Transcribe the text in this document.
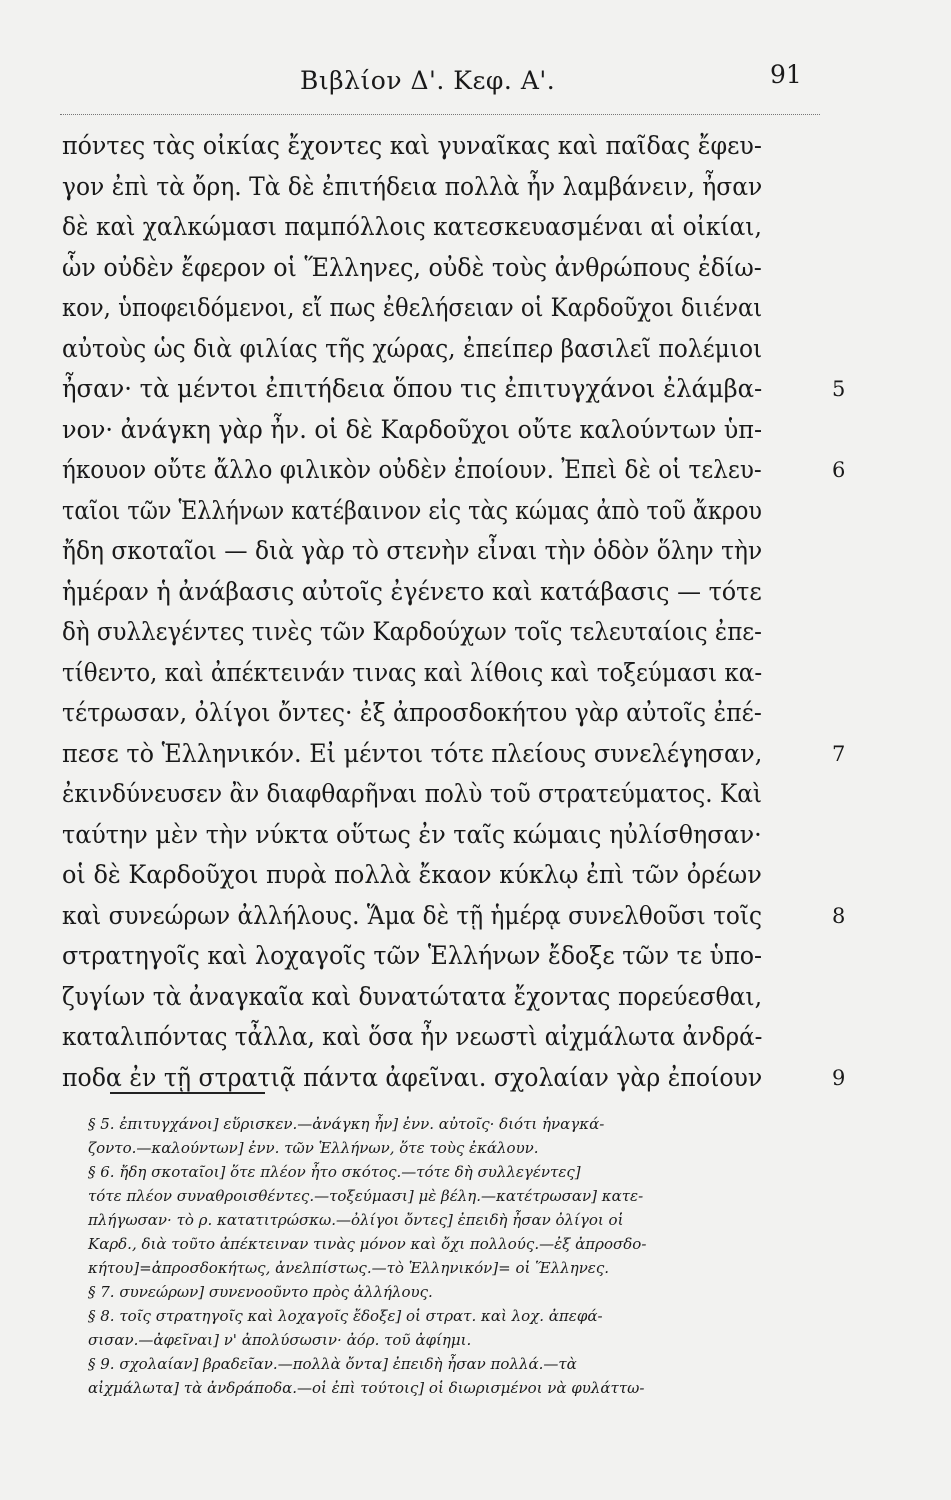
Βιβλίον Δ'. Κεφ. Α'.	91
πόντες τὰς οἰκίας ἔχοντες καὶ γυναῖκας καὶ παῖδας ἔφευ-
γον ἐπὶ τὰ ὄρη. Τὰ δὲ ἐπιτήδεια πολλὰ ἦν λαμβάνειν, ἦσαν
δὲ καὶ χαλκώμασι παμπόλλοις κατεσκευασμέναι αἱ οἰκίαι,
ὧν οὐδὲν ἔφερον οἱ Ἕλληνες, οὐδὲ τοὺς ἀνθρώπους ἐδίω-
κον, ὑποφειδόμενοι, εἴ πως ἐθελήσειαν οἱ Καρδοῦχοι διιέναι
αὐτοὺς ὡς διὰ φιλίας τῆς χώρας, ἐπείπερ βασιλεῖ πολέμιοι
ἦσαν· τὰ μέντοι ἐπιτήδεια ὅπου τις ἐπιτυγχάνοι ἐλάμβα-	5
νον· ἀνάγκη γὰρ ἦν. οἱ δὲ Καρδοῦχοι οὔτε καλούντων ὑπ-
ήκουον οὔτε ἄλλο φιλικὸν οὐδὲν ἐποίουν. Ἐπεὶ δὲ οἱ τελευ-	6
ταῖοι τῶν Ἑλλήνων κατέβαινον εἰς τὰς κώμας ἀπὸ τοῦ ἄκρου
ἤδη σκοταῖοι — διὰ γὰρ τὸ στενὴν εἶναι τὴν ὁδὸν ὅλην τὴν
ἡμέραν ἡ ἀνάβασις αὐτοῖς ἐγένετο καὶ κατάβασις — τότε
δὴ συλλεγέντες τινὲς τῶν Καρδούχων τοῖς τελευταίοις ἐπε-
τίθεντο, καὶ ἀπέκτεινάν τινας καὶ λίθοις καὶ τοξεύμασι κα-
τέτρωσαν, ὀλίγοι ὄντες· ἐξ ἀπροσδοκήτου γὰρ αὐτοῖς ἐπέ-
πεσε τὸ Ἑλληνικόν. Εἰ μέντοι τότε πλείους συνελέγησαν,	7
ἐκινδύνευσεν ἂν διαφθαρῆναι πολὺ τοῦ στρατεύματος. Καὶ
ταύτην μὲν τὴν νύκτα οὕτως ἐν ταῖς κώμαις ηὐλίσθησαν·
οἱ δὲ Καρδοῦχοι πυρὰ πολλὰ ἔκαον κύκλῳ ἐπὶ τῶν ὀρέων
καὶ συνεώρων ἀλλήλους. Ἅμα δὲ τῇ ἡμέρᾳ συνελθοῦσι τοῖς	8
στρατηγοῖς καὶ λοχαγοῖς τῶν Ἑλλήνων ἔδοξε τῶν τε ὑπο-
ζυγίων τὰ ἀναγκαῖα καὶ δυνατώτατα ἔχοντας πορεύεσθαι,
καταλιπόντας τἆλλα, καὶ ὅσα ἦν νεωστὶ αἰχμάλωτα ἀνδρά-
ποδα ἐν τῇ στρατιᾷ πάντα ἀφεῖναι. σχολαίαν γὰρ ἐποίουν	9
§ 5. ἐπιτυγχάνοι] εὕρισκεν.—ἀνάγκη ἦν] ἐνν. αὐτοῖς· διότι ἠναγκά-
ζοντο.—καλούντων] ἐνν. τῶν Ἑλλήνων, ὅτε τοὺς ἐκάλουν.
§ 6. ἤδη σκοταῖοι] ὅτε πλέον ἦτο σκότος.—τότε δὴ συλλεγέντες]
τότε πλέον συναθροισθέντες.—τοξεύμασι] μὲ βέλη.—κατέτρωσαν] κατε-
πλήγωσαν· τὸ ρ. κατατιτρώσκω.—ὀλίγοι ὄντες] ἐπειδὴ ἦσαν ὀλίγοι οἱ
Καρδ., διὰ τοῦτο ἀπέκτειναν τινὰς μόνον καὶ ὄχι πολλούς.—ἐξ ἀπροσδο-
κήτου]=ἀπροσδοκήτως, ἀνελπίστως.—τὸ Ἑλληνικόν]= οἱ Ἕλληνες.
§ 7. συνεώρων] συνενοοῦντο πρὸς ἀλλήλους.
§ 8. τοῖς στρατηγοῖς καὶ λοχαγοῖς ἔδοξε] οἱ στρατ. καὶ λοχ. ἀπεφά-
σισαν.—ἀφεῖναι] ν' ἀπολύσωσιν· ἀόρ. τοῦ ἀφίημι.
§ 9. σχολαίαν] βραδεῖαν.—πολλὰ ὄντα] ἐπειδὴ ἦσαν πολλά.—τὰ
αἰχμάλωτα] τὰ ἀνδράποδα.—οἱ ἐπὶ τούτοις] οἱ διωρισμένοι νὰ φυλάττω-
